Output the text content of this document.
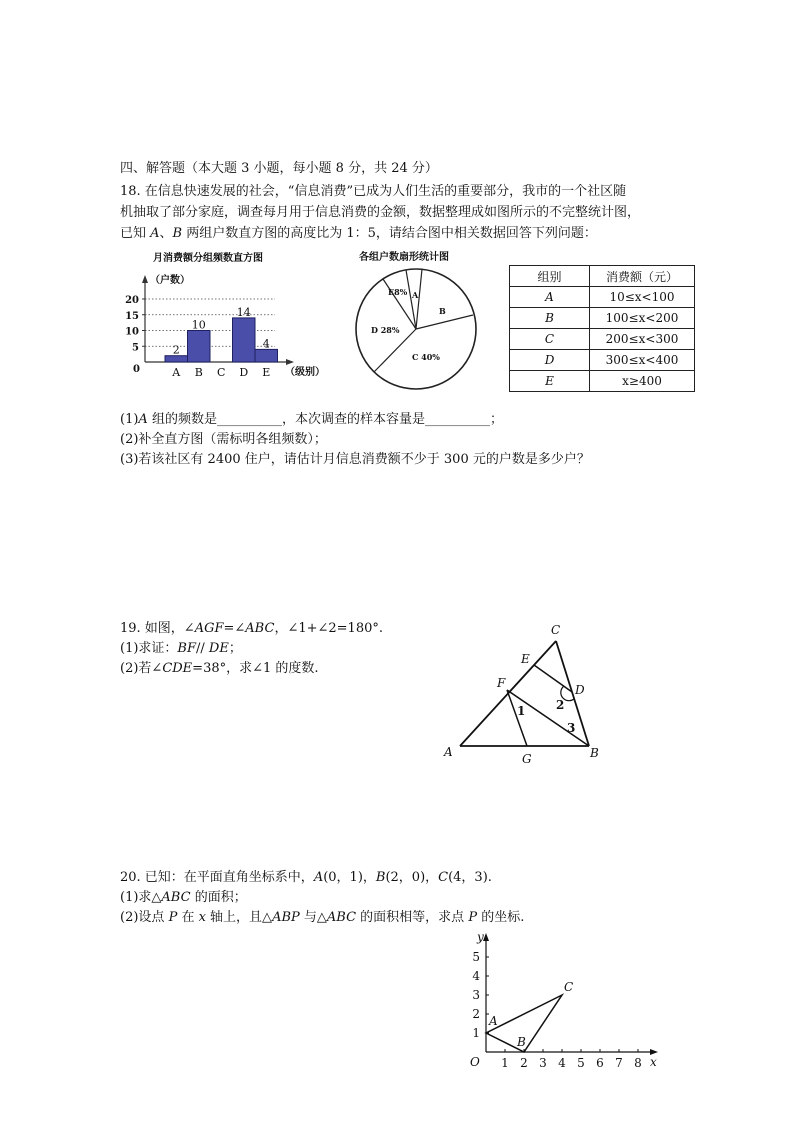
四、解答题（本大题 3 小题，每小题 8 分，共 24 分）
18. 在信息快速发展的社会，“信息消费”已成为人们生活的重要部分，我市的一个社区随
机抽取了部分家庭，调查每月用于信息消费的金额，数据整理成如图所示的不完整统计图，
已知 A、B 两组户数直方图的高度比为 1：5，请结合图中相关数据回答下列问题：
月消费额分组频数直方图
（户数）
0
5
10
15
20
2
10
14
4
A B C D E （级别）
各组户数扇形统计图
E8% A
B
C 40%
D 28%
组别	消费额（元）
A	10≤x<100
B	100≤x<200
C	200≤x<300
D	300≤x<400
E	x≥400
(1)A 组的频数是__________，本次调查的样本容量是__________；
(2)补全直方图（需标明各组频数）；
(3)若该社区有 2400 住户，请估计月信息消费额不少于 300 元的户数是多少户？
19. 如图，∠AGF=∠ABC，∠1+∠2=180°.
(1)求证：BF// DE；
(2)若∠CDE=38°，求∠1 的度数.
C
E
F	D
A	G	B
1	2
3
20. 已知：在平面直角坐标系中，A(0，1)，B(2，0)，C(4，3).
(1)求△ABC 的面积；
(2)设点 P 在 x 轴上，且△ABP 与△ABC 的面积相等，求点 P 的坐标.
x
y
O 1 2 3 4 5 6 7 8
1
2
3
4
5
A
B
C
